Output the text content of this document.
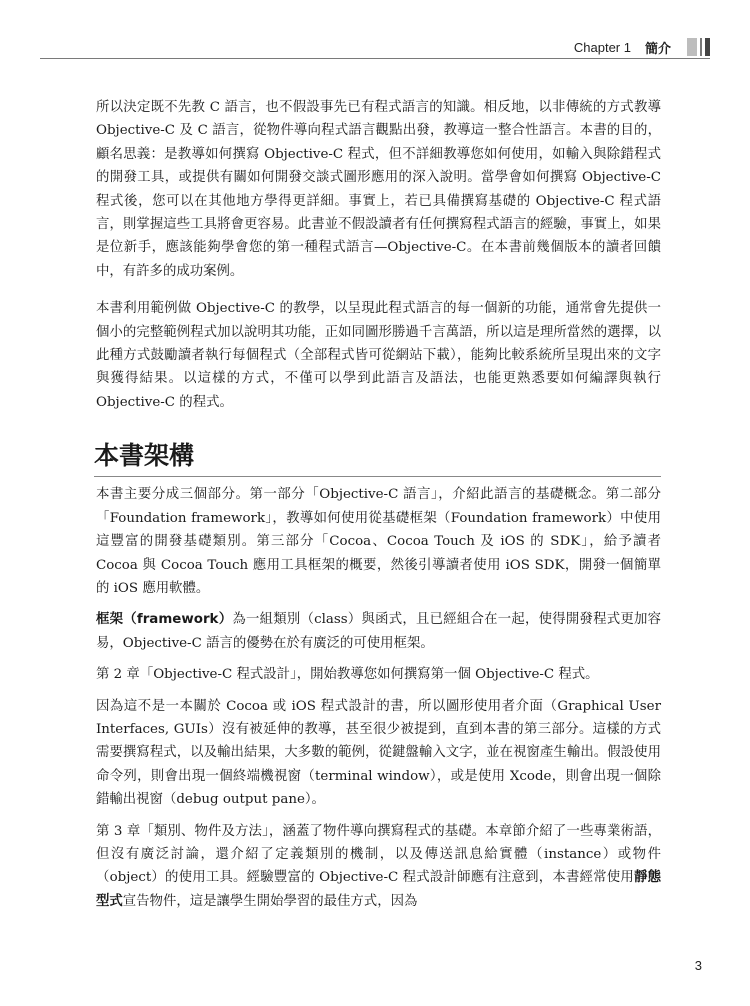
Chapter 1 簡介

所以決定既不先教 C 語言，也不假設事先已有程式語言的知識。相反地，以非傳統的方式教導 Objective-C 及 C 語言，從物件導向程式語言觀點出發，教導這一整合性語言。本書的目的，顧名思義：是教導如何撰寫 Objective-C 程式，但不詳細教導您如何使用，如輸入與除錯程式的開發工具，或提供有關如何開發交談式圖形應用的深入說明。當學會如何撰寫 Objective-C 程式後，您可以在其他地方學得更詳細。事實上，若已具備撰寫基礎的 Objective-C 程式語言，則掌握這些工具將會更容易。此書並不假設讀者有任何撰寫程式語言的經驗，事實上，如果是位新手，應該能夠學會您的第一種程式語言—Objective-C。在本書前幾個版本的讀者回饋中，有許多的成功案例。

本書利用範例做 Objective-C 的教學，以呈現此程式語言的每一個新的功能，通常會先提供一個小的完整範例程式加以說明其功能，正如同圖形勝過千言萬語，所以這是理所當然的選擇，以此種方式鼓勵讀者執行每個程式（全部程式皆可從網站下載），能夠比較系統所呈現出來的文字與獲得結果。以這樣的方式，不僅可以學到此語言及語法，也能更熟悉要如何編譯與執行 Objective-C 的程式。

本書架構

本書主要分成三個部分。第一部分「Objective-C 語言」，介紹此語言的基礎概念。第二部分「Foundation framework」，教導如何使用從基礎框架（Foundation framework）中使用這豐富的開發基礎類別。第三部分「Cocoa、Cocoa Touch 及 iOS 的 SDK」，給予讀者 Cocoa 與 Cocoa Touch 應用工具框架的概要，然後引導讀者使用 iOS SDK，開發一個簡單的 iOS 應用軟體。

框架（framework）為一組類別（class）與函式，且已經組合在一起，使得開發程式更加容易，Objective-C 語言的優勢在於有廣泛的可使用框架。

第 2 章「Objective-C 程式設計」，開始教導您如何撰寫第一個 Objective-C 程式。

因為這不是一本關於 Cocoa 或 iOS 程式設計的書，所以圖形使用者介面（Graphical User Interfaces, GUIs）沒有被延伸的教導，甚至很少被提到，直到本書的第三部分。這樣的方式需要撰寫程式，以及輸出結果，大多數的範例，從鍵盤輸入文字，並在視窗產生輸出。假設使用命令列，則會出現一個終端機視窗（terminal window），或是使用 Xcode，則會出現一個除錯輸出視窗（debug output pane）。

第 3 章「類別、物件及方法」，涵蓋了物件導向撰寫程式的基礎。本章節介紹了一些專業術語，但沒有廣泛討論，還介紹了定義類別的機制，以及傳送訊息給實體（instance）或物件（object）的使用工具。經驗豐富的 Objective-C 程式設計師應有注意到，本書經常使用靜態型式宣告物件，這是讓學生開始學習的最佳方式，因為

3
